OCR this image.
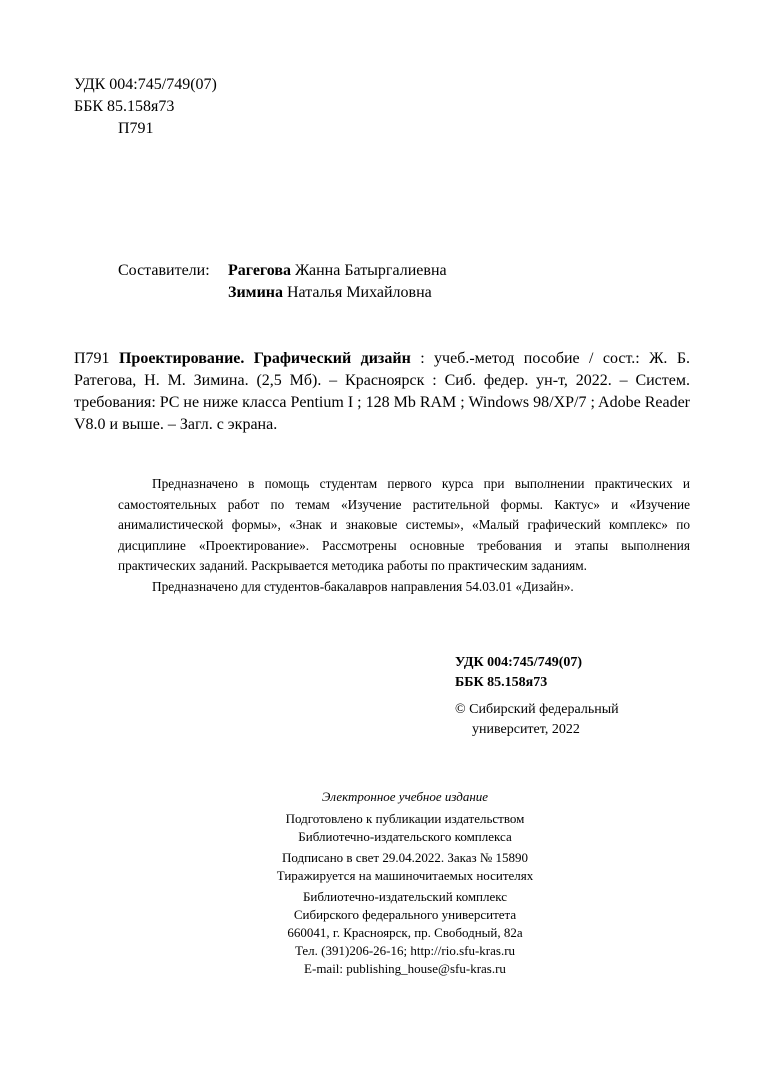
УДК 004:745/749(07)
ББК 85.158я73
П791
Составители: Рагегова Жанна Батыргалиевна
Зимина Наталья Михайловна

П791 Проектирование. Графический дизайн : учеб.-метод пособие / сост.: Ж. Б. Ратегова, Н. М. Зимина. (2,5 Мб). – Красноярск : Сиб. федер. ун-т, 2022. – Систем. требования: PC не ниже класса Pentium I ; 128 Mb RAM ; Windows 98/XP/7 ; Adobe Reader V8.0 и выше. – Загл. с экрана.

Предназначено в помощь студентам первого курса при выполнении практических и самостоятельных работ по темам «Изучение растительной формы. Кактус» и «Изучение анималистической формы», «Знак и знаковые системы», «Малый графический комплекс» по дисциплине «Проектирование». Рассмотрены основные требования и этапы выполнения практических заданий. Раскрывается методика работы по практическим заданиям.

Предназначено для студентов-бакалавров направления 54.03.01 «Дизайн».

УДК 004:745/749(07)
ББК 85.158я73
© Сибирский федеральный
университет, 2022
Электронное учебное издание
Подготовлено к публикации издательством
Библиотечно-издательского комплекса
Подписано в свет 29.04.2022. Заказ № 15890
Тиражируется на машиночитаемых носителях
Библиотечно-издательский комплекс
Сибирского федерального университета
660041, г. Красноярск, пр. Свободный, 82а
Тел. (391)206-26-16; http://rio.sfu-kras.ru
E-mail: publishing_house@sfu-kras.ru
